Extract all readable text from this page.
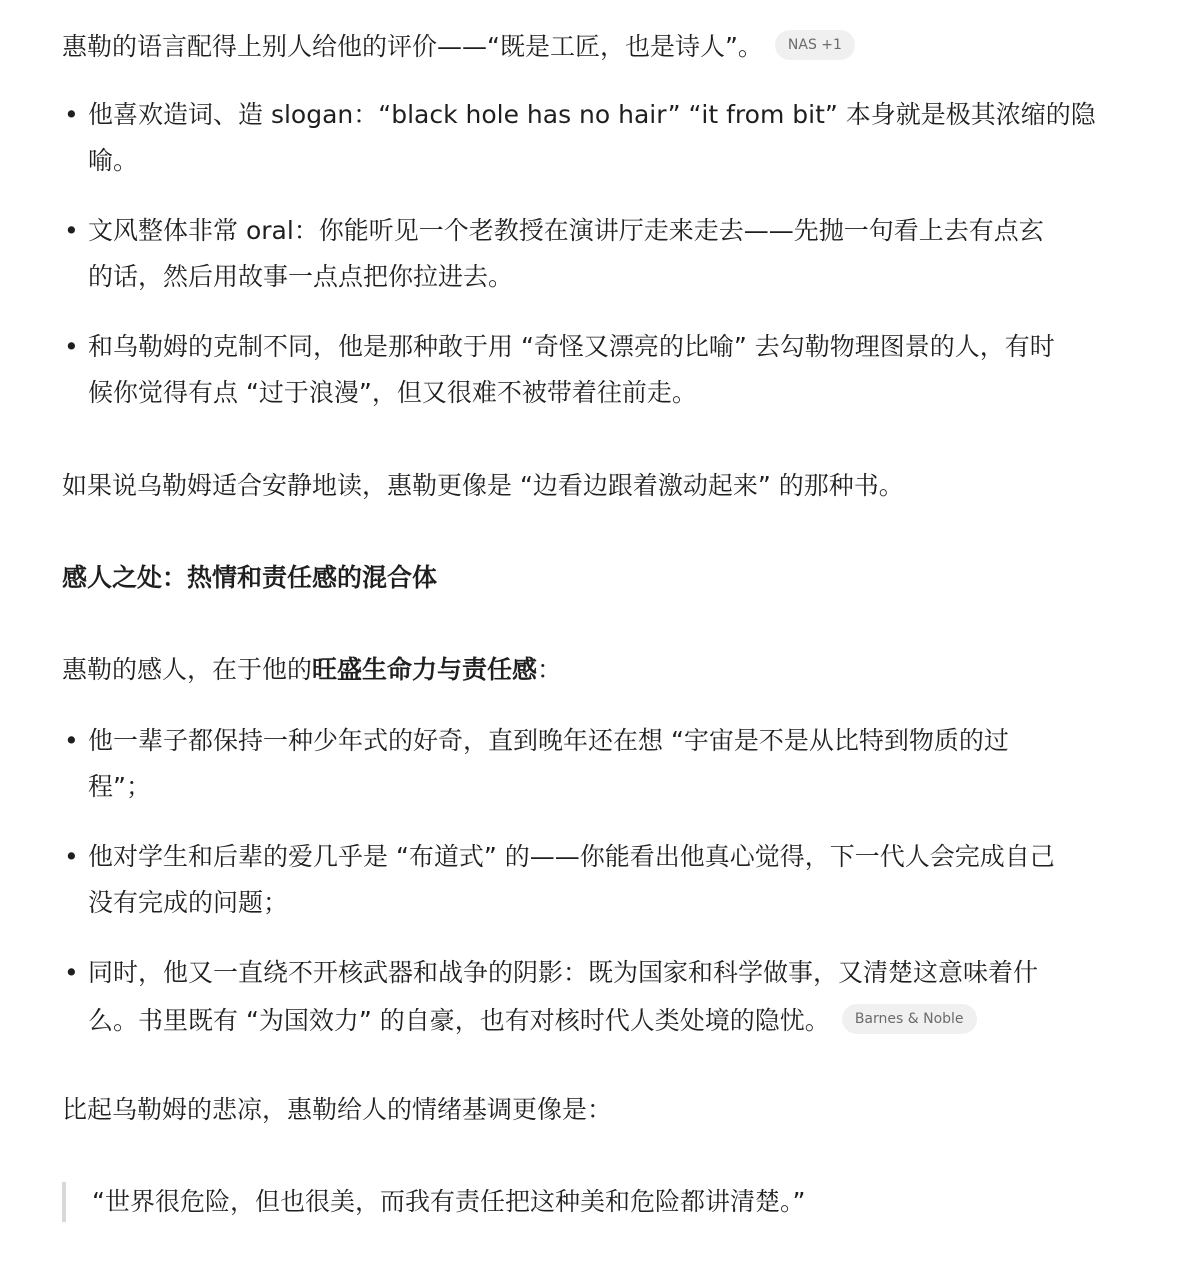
惠勒的语言配得上别人给他的评价——“既是工匠，也是诗人”。 NAS +1

• 他喜欢造词、造 slogan：“black hole has no hair” “it from bit” 本身就是极其浓缩的隐
喻。
• 文风整体非常 oral：你能听见一个老教授在演讲厅走来走去——先抛一句看上去有点玄
的话，然后用故事一点点把你拉进去。
• 和乌勒姆的克制不同，他是那种敢于用 “奇怪又漂亮的比喻” 去勾勒物理图景的人，有时
候你觉得有点 “过于浪漫”，但又很难不被带着往前走。

如果说乌勒姆适合安静地读，惠勒更像是 “边看边跟着激动起来” 的那种书。

感人之处：热情和责任感的混合体

惠勒的感人，在于他的旺盛生命力与责任感：

• 他一辈子都保持一种少年式的好奇，直到晚年还在想 “宇宙是不是从比特到物质的过
程”；
• 他对学生和后辈的爱几乎是 “布道式” 的——你能看出他真心觉得，下一代人会完成自己
没有完成的问题；
• 同时，他又一直绕不开核武器和战争的阴影：既为国家和科学做事，又清楚这意味着什
么。书里既有 “为国效力” 的自豪，也有对核时代人类处境的隐忧。 Barnes & Noble

比起乌勒姆的悲凉，惠勒给人的情绪基调更像是：

“世界很危险，但也很美，而我有责任把这种美和危险都讲清楚。”
